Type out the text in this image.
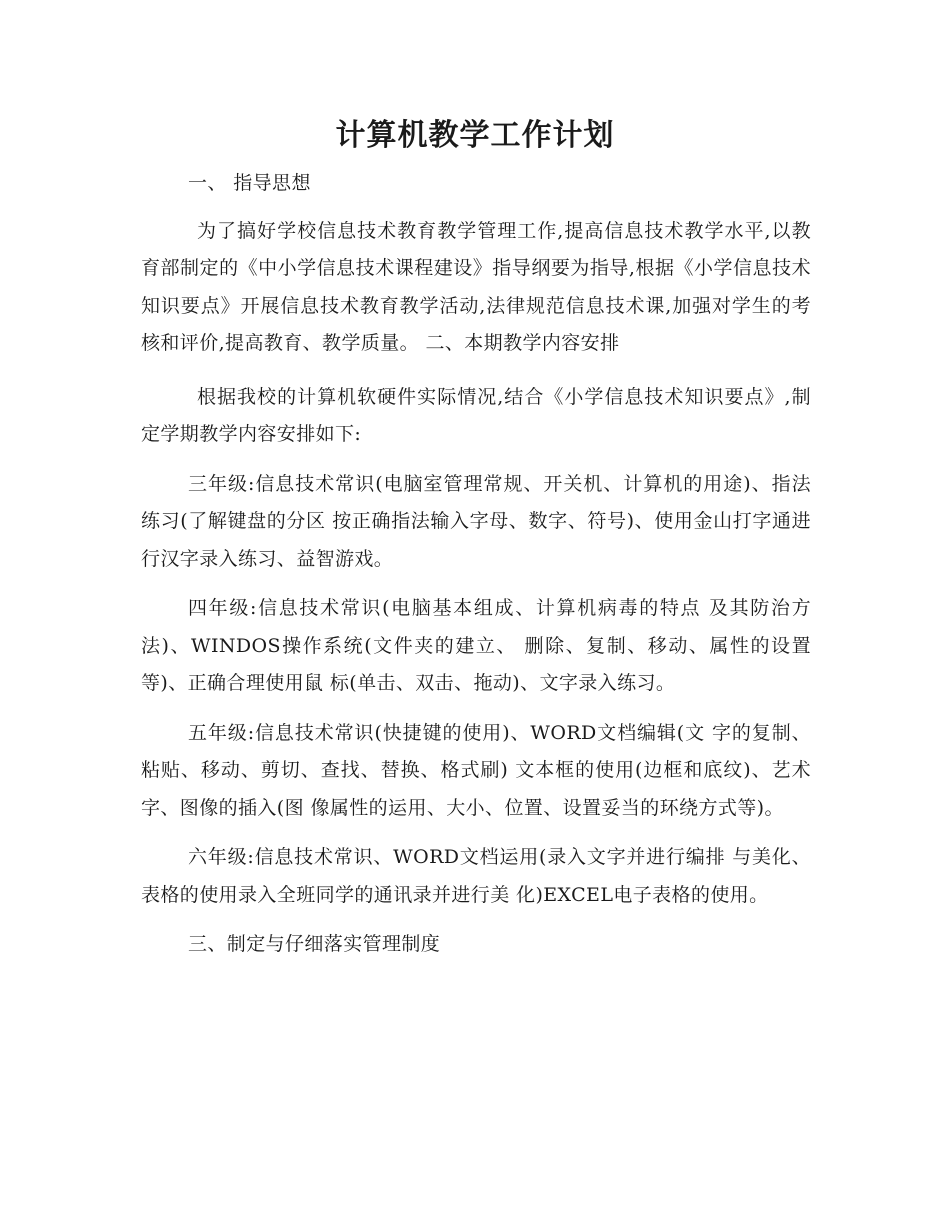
计算机教学工作计划

一、 指导思想

为了搞好学校信息技术教育教学管理工作,提高信息技术教学水平,以教育部制定的《中小学信息技术课程建设》指导纲要为指导,根据《小学信息技术知识要点》开展信息技术教育教学活动,法律规范信息技术课,加强对学生的考核和评价,提高教育、教学质量。 二、本期教学内容安排

根据我校的计算机软硬件实际情况,结合《小学信息技术知识要点》,制定学期教学内容安排如下:

三年级:信息技术常识(电脑室管理常规、开关机、计算机的用途)、指法练习(了解键盘的分区 按正确指法输入字母、数字、符号)、使用金山打字通进行汉字录入练习、益智游戏。

四年级:信息技术常识(电脑基本组成、计算机病毒的特点 及其防治方法)、WINDOS操作系统(文件夹的建立、 删除、复制、移动、属性的设置等)、正确合理使用鼠 标(单击、双击、拖动)、文字录入练习。

五年级:信息技术常识(快捷键的使用)、WORD文档编辑(文 字的复制、粘贴、移动、剪切、查找、替换、格式刷) 文本框的使用(边框和底纹)、艺术字、图像的插入(图 像属性的运用、大小、位置、设置妥当的环绕方式等)。

六年级:信息技术常识、WORD文档运用(录入文字并进行编排 与美化、表格的使用录入全班同学的通讯录并进行美 化)EXCEL电子表格的使用。

三、制定与仔细落实管理制度
